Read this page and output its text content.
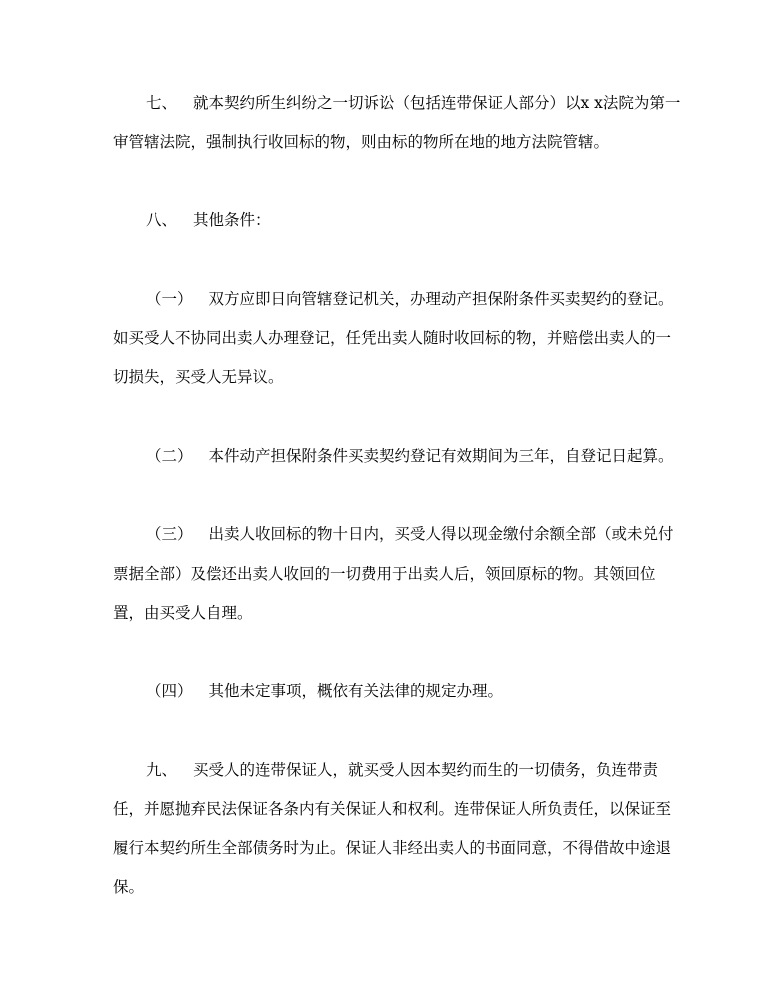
七、 就本契约所生纠纷之一切诉讼（包括连带保证人部分）以x x法院为第一
审管辖法院，强制执行收回标的物，则由标的物所在地的地方法院管辖。
八、 其他条件：
（一） 双方应即日向管辖登记机关，办理动产担保附条件买卖契约的登记。
如买受人不协同出卖人办理登记，任凭出卖人随时收回标的物，并赔偿出卖人的一
切损失，买受人无异议。
（二） 本件动产担保附条件买卖契约登记有效期间为三年，自登记日起算。
（三） 出卖人收回标的物十日内，买受人得以现金缴付余额全部（或未兑付
票据全部）及偿还出卖人收回的一切费用于出卖人后，领回原标的物。其领回位
置，由买受人自理。
（四） 其他未定事项，概依有关法律的规定办理。
九、 买受人的连带保证人，就买受人因本契约而生的一切债务，负连带责
任，并愿抛弃民法保证各条内有关保证人和权利。连带保证人所负责任，以保证至
履行本契约所生全部债务时为止。保证人非经出卖人的书面同意，不得借故中途退
保。
